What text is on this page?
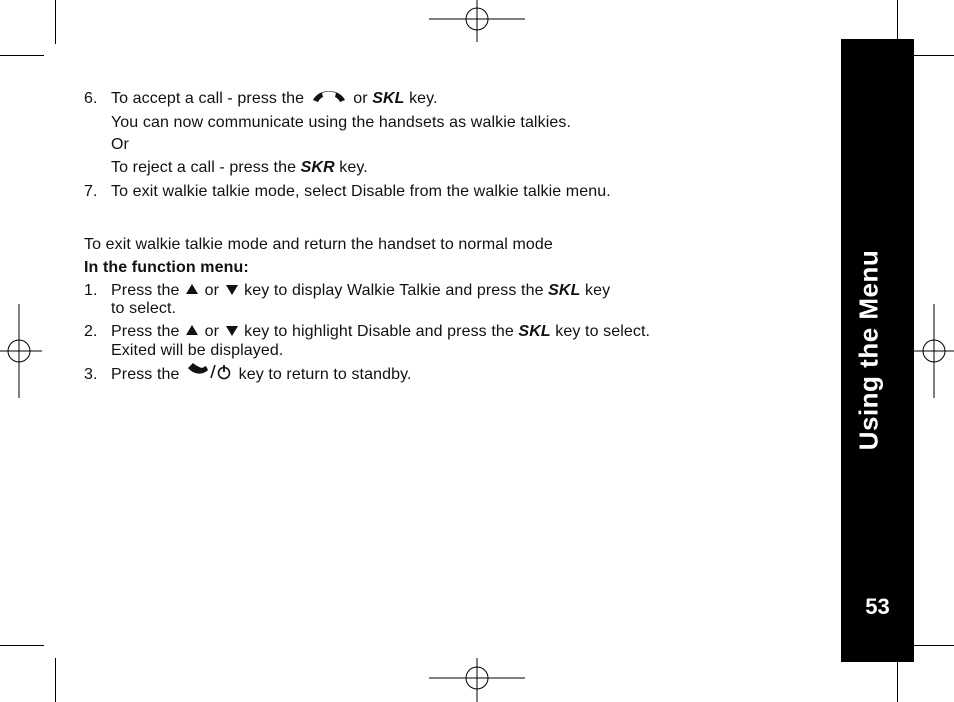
Using the Menu
53
6. To accept a call - press the	or SKL key.
You can now communicate using the handsets as walkie talkies.
Or
To reject a call - press the SKR key.
7. To exit walkie talkie mode, select Disable from the walkie talkie menu.
To exit walkie talkie mode and return the handset to normal mode
In the function menu:
1. Press the or key to display Walkie Talkie and press the SKL key
to select.
2. Press the or key to highlight Disable and press the SKL key to select.
Exited will be displayed.
3. Press the	key to return to standby.
